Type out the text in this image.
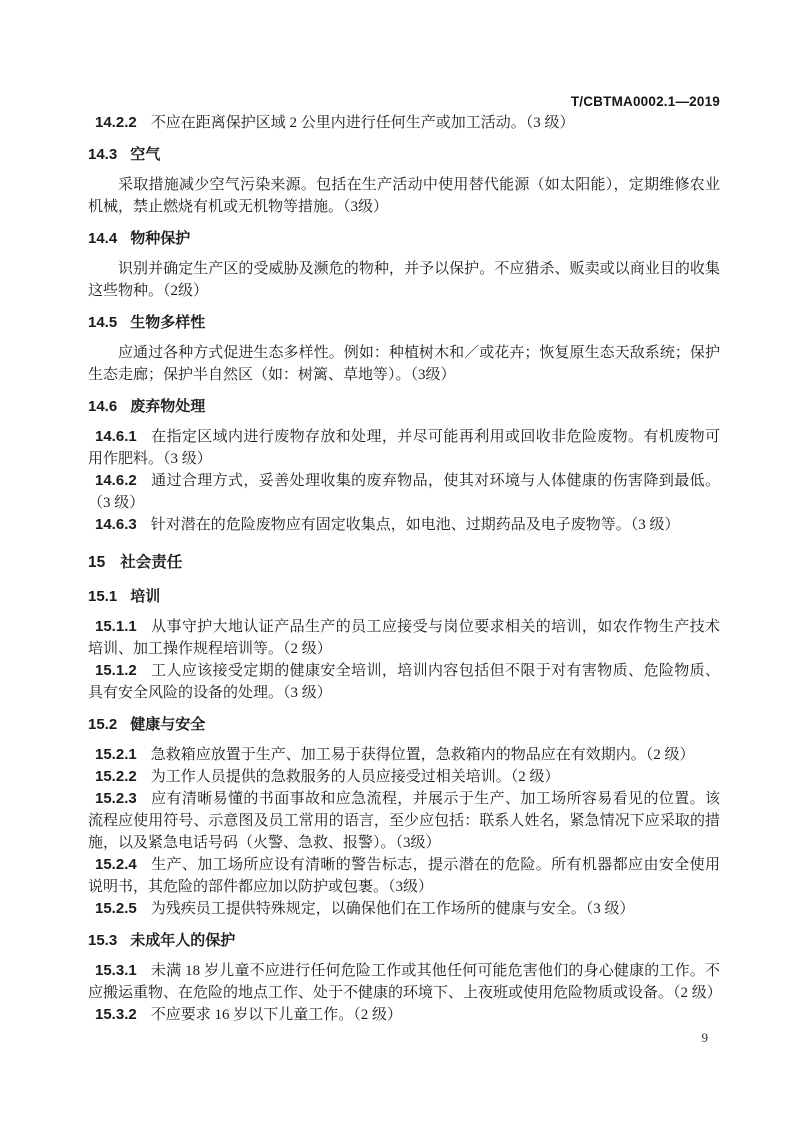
T/CBTMA0002.1—2019

14.2.2 不应在距离保护区域 2 公里内进行任何生产或加工活动。（3 级）

14.3 空气

采取措施减少空气污染来源。包括在生产活动中使用替代能源（如太阳能），定期维修农业机械，禁止燃烧有机或无机物等措施。（3级）

14.4 物种保护

识别并确定生产区的受威胁及濒危的物种，并予以保护。不应猎杀、贩卖或以商业目的收集这些物种。（2级）

14.5 生物多样性

应通过各种方式促进生态多样性。例如：种植树木和／或花卉；恢复原生态天敌系统；保护生态走廊；保护半自然区（如：树篱、草地等）。（3级）

14.6 废弃物处理

14.6.1 在指定区域内进行废物存放和处理，并尽可能再利用或回收非危险废物。有机废物可用作肥料。（3 级）

14.6.2 通过合理方式，妥善处理收集的废弃物品，使其对环境与人体健康的伤害降到最低。（3 级）

14.6.3 针对潜在的危险废物应有固定收集点，如电池、过期药品及电子废物等。（3 级）

15 社会责任
15.1 培训

15.1.1 从事守护大地认证产品生产的员工应接受与岗位要求相关的培训，如农作物生产技术培训、加工操作规程培训等。（2 级）

15.1.2 工人应该接受定期的健康安全培训，培训内容包括但不限于对有害物质、危险物质、具有安全风险的设备的处理。（3 级）

15.2 健康与安全

15.2.1 急救箱应放置于生产、加工易于获得位置，急救箱内的物品应在有效期内。（2 级）

15.2.2 为工作人员提供的急救服务的人员应接受过相关培训。（2 级）

15.2.3 应有清晰易懂的书面事故和应急流程，并展示于生产、加工场所容易看见的位置。该流程应使用符号、示意图及员工常用的语言，至少应包括：联系人姓名，紧急情况下应采取的措施，以及紧急电话号码（火警、急救、报警）。（3级）

15.2.4 生产、加工场所应设有清晰的警告标志，提示潜在的危险。所有机器都应由安全使用说明书，其危险的部件都应加以防护或包裹。（3级）

15.2.5 为残疾员工提供特殊规定，以确保他们在工作场所的健康与安全。（3 级）

15.3 未成年人的保护

15.3.1 未满 18 岁儿童不应进行任何危险工作或其他任何可能危害他们的身心健康的工作。不应搬运重物、在危险的地点工作、处于不健康的环境下、上夜班或使用危险物质或设备。（2 级）

15.3.2 不应要求 16 岁以下儿童工作。（2 级）

9
